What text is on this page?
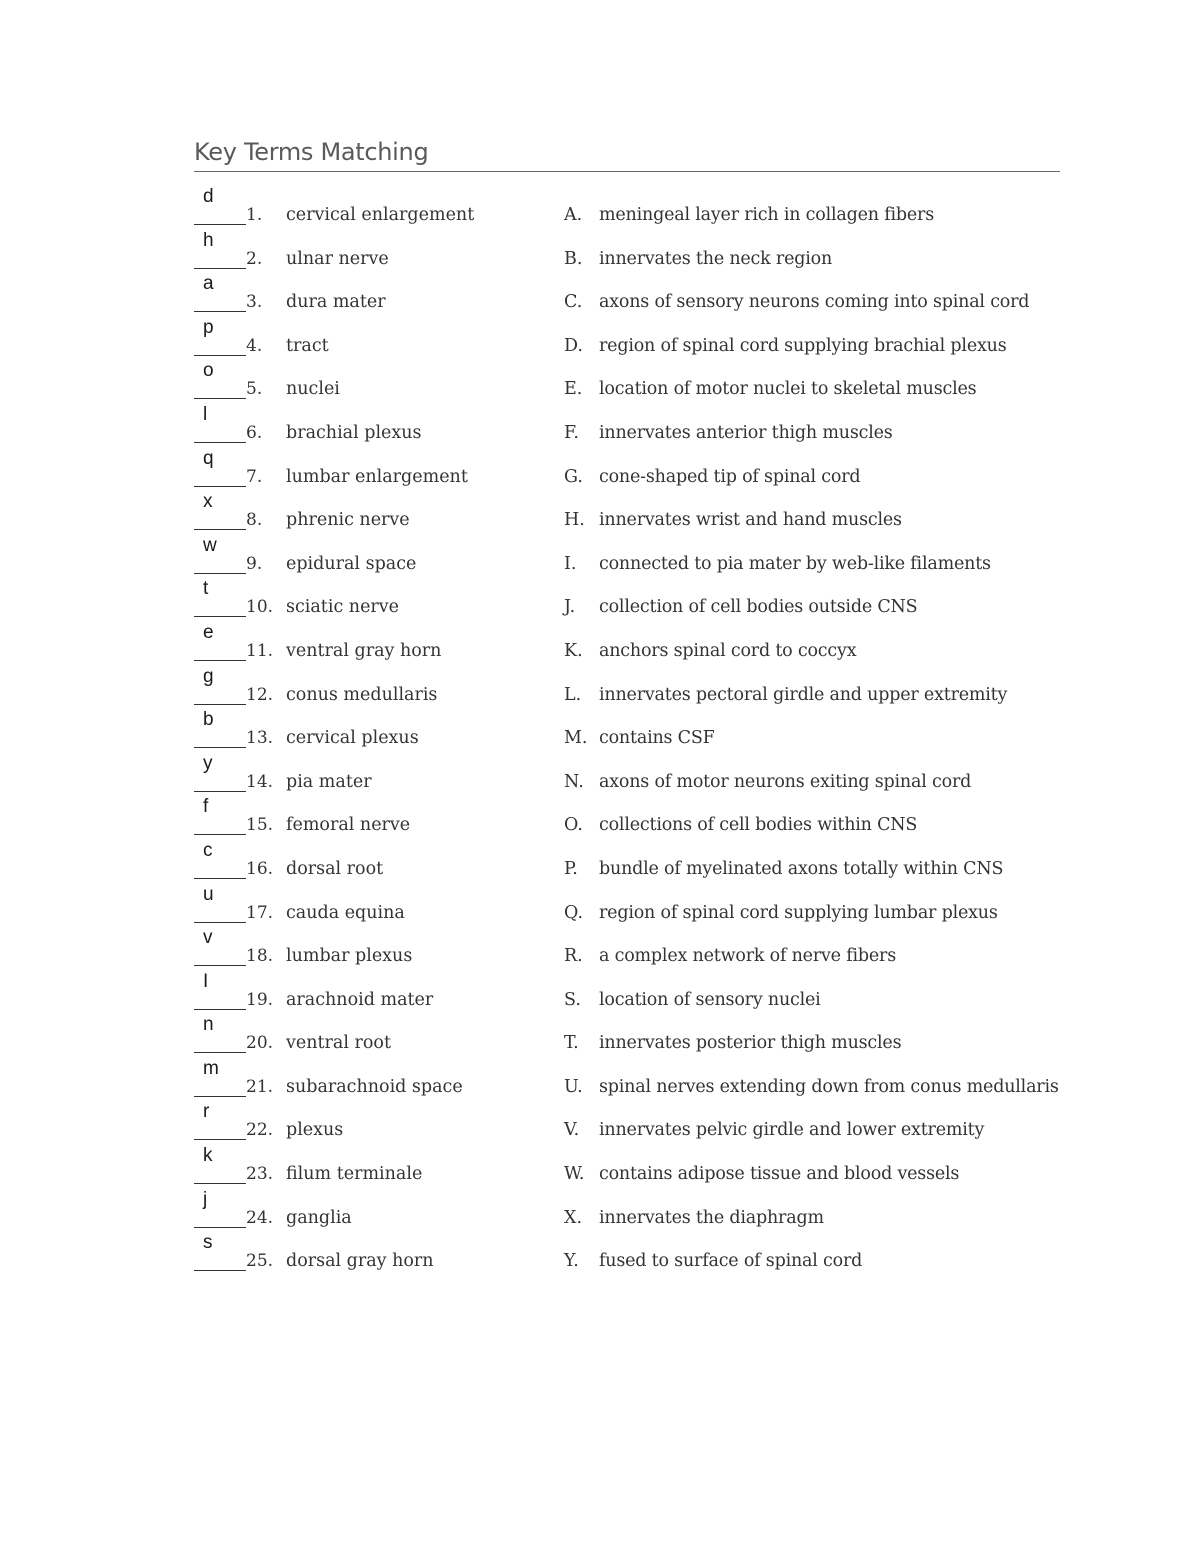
Key Terms Matching
d
1. cervical enlargement	A. meningeal layer rich in collagen fibers
h
2. ulnar nerve	B. innervates the neck region
a
3. dura mater	C. axons of sensory neurons coming into spinal cord
p
4. tract	D. region of spinal cord supplying brachial plexus
o
5. nuclei	E. location of motor nuclei to skeletal muscles
l
6. brachial plexus	F. innervates anterior thigh muscles
q
7. lumbar enlargement	G. cone-shaped tip of spinal cord
x
8. phrenic nerve	H. innervates wrist and hand muscles
w
9. epidural space	I. connected to pia mater by web-like filaments
t
10. sciatic nerve	J. collection of cell bodies outside CNS
e
11. ventral gray horn	K. anchors spinal cord to coccyx
g
12. conus medullaris	L. innervates pectoral girdle and upper extremity
b
13. cervical plexus	M. contains CSF
y
14. pia mater	N. axons of motor neurons exiting spinal cord
f
15. femoral nerve	O. collections of cell bodies within CNS
c
16. dorsal root	P. bundle of myelinated axons totally within CNS
u
17. cauda equina	Q. region of spinal cord supplying lumbar plexus
v
18. lumbar plexus	R. a complex network of nerve fibers
I
19. arachnoid mater	S. location of sensory nuclei
n
20. ventral root	T. innervates posterior thigh muscles
m
21. subarachnoid space	U. spinal nerves extending down from conus medullaris
r
22. plexus	V. innervates pelvic girdle and lower extremity
k
23. filum terminale	W. contains adipose tissue and blood vessels
j
24. ganglia	X. innervates the diaphragm
s
25. dorsal gray horn	Y. fused to surface of spinal cord
